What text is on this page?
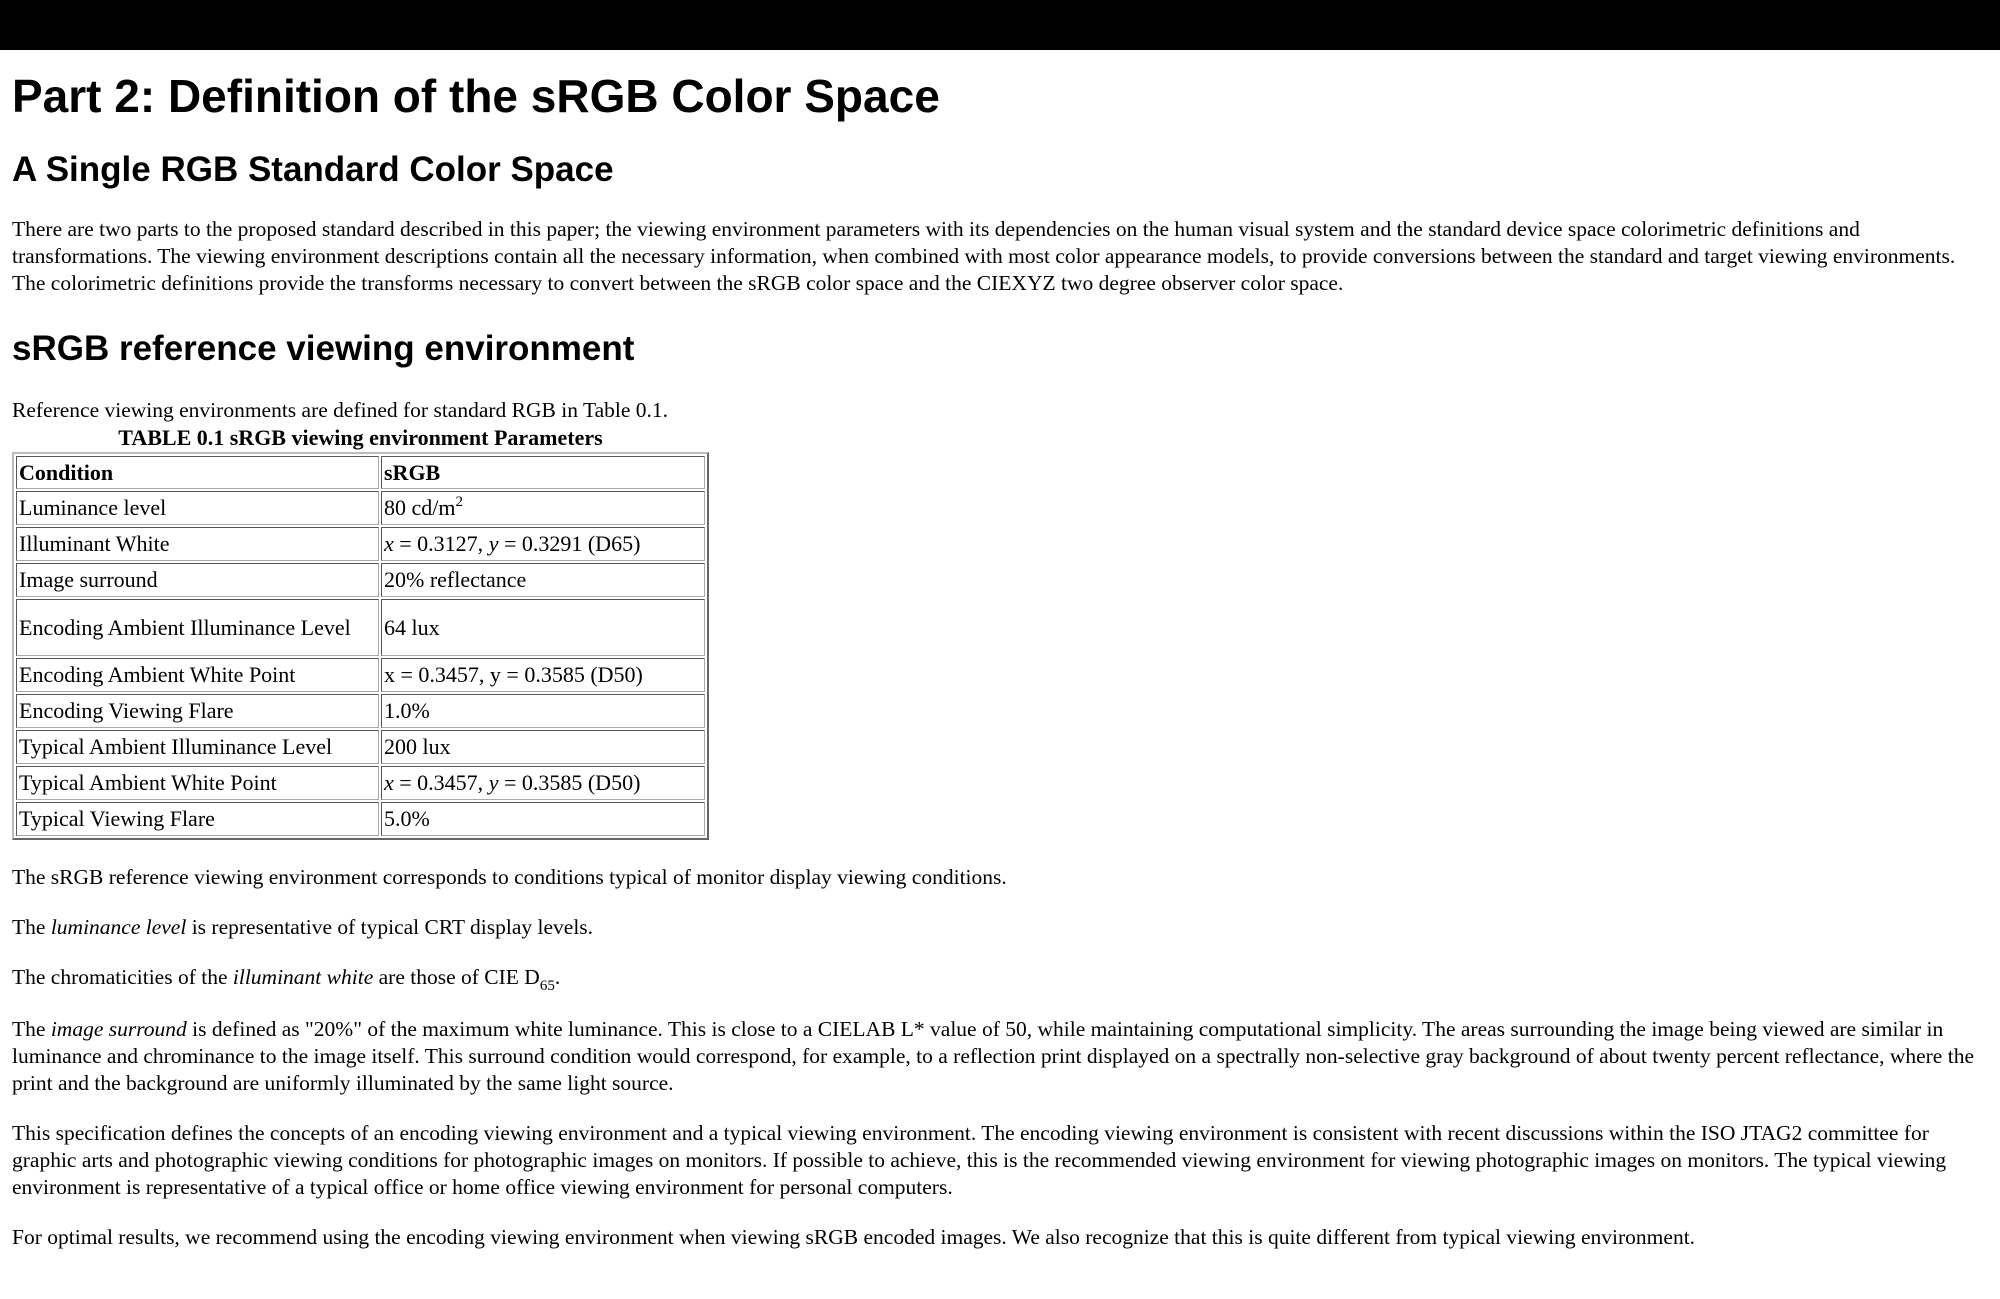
Part 2: Definition of the sRGB Color Space
A Single RGB Standard Color Space

There are two parts to the proposed standard described in this paper; the viewing environment parameters with its dependencies on the human visual system and the standard device space colorimetric definitions and transformations. The viewing environment descriptions contain all the necessary information, when combined with most color appearance models, to provide conversions between the standard and target viewing environments. The colorimetric definitions provide the transforms necessary to convert between the sRGB color space and the CIEXYZ two degree observer color space.

sRGB reference viewing environment

Reference viewing environments are defined for standard RGB in Table 0.1.

TABLE 0.1 sRGB viewing environment Parameters
Condition	sRGB
Luminance level	80 $cd/m^2$
Illuminant White	x = 0.3127, y = 0.3291 (D65)
Image surround	20% reflectance
Encoding Ambient Illuminance Level	64 lux
Encoding Ambient White Point	x = 0.3457, y = 0.3585 (D50)
Encoding Viewing Flare	1.0%
Typical Ambient Illuminance Level	200 lux
Typical Ambient White Point	x = 0.3457, y = 0.3585 (D50)
Typical Viewing Flare	5.0%

The sRGB reference viewing environment corresponds to conditions typical of monitor display viewing conditions.

The luminance level is representative of typical CRT display levels.

The chromaticities of the illuminant white are those of CIE $D_{65}$.

The image surround is defined as "20%" of the maximum white luminance. This is close to a CIELAB L* value of 50, while maintaining computational simplicity. The areas surrounding the image being viewed are similar in luminance and chrominance to the image itself. This surround condition would correspond, for example, to a reflection print displayed on a spectrally non-selective gray background of about twenty percent reflectance, where the print and the background are uniformly illuminated by the same light source.

This specification defines the concepts of an encoding viewing environment and a typical viewing environment. The encoding viewing environment is consistent with recent discussions within the ISO JTAG2 committee for graphic arts and photographic viewing conditions for photographic images on monitors. If possible to achieve, this is the recommended viewing environment for viewing photographic images on monitors. The typical viewing environment is representative of a typical office or home office viewing environment for personal computers.

For optimal results, we recommend using the encoding viewing environment when viewing sRGB encoded images. We also recognize that this is quite different from typical viewing environment.
